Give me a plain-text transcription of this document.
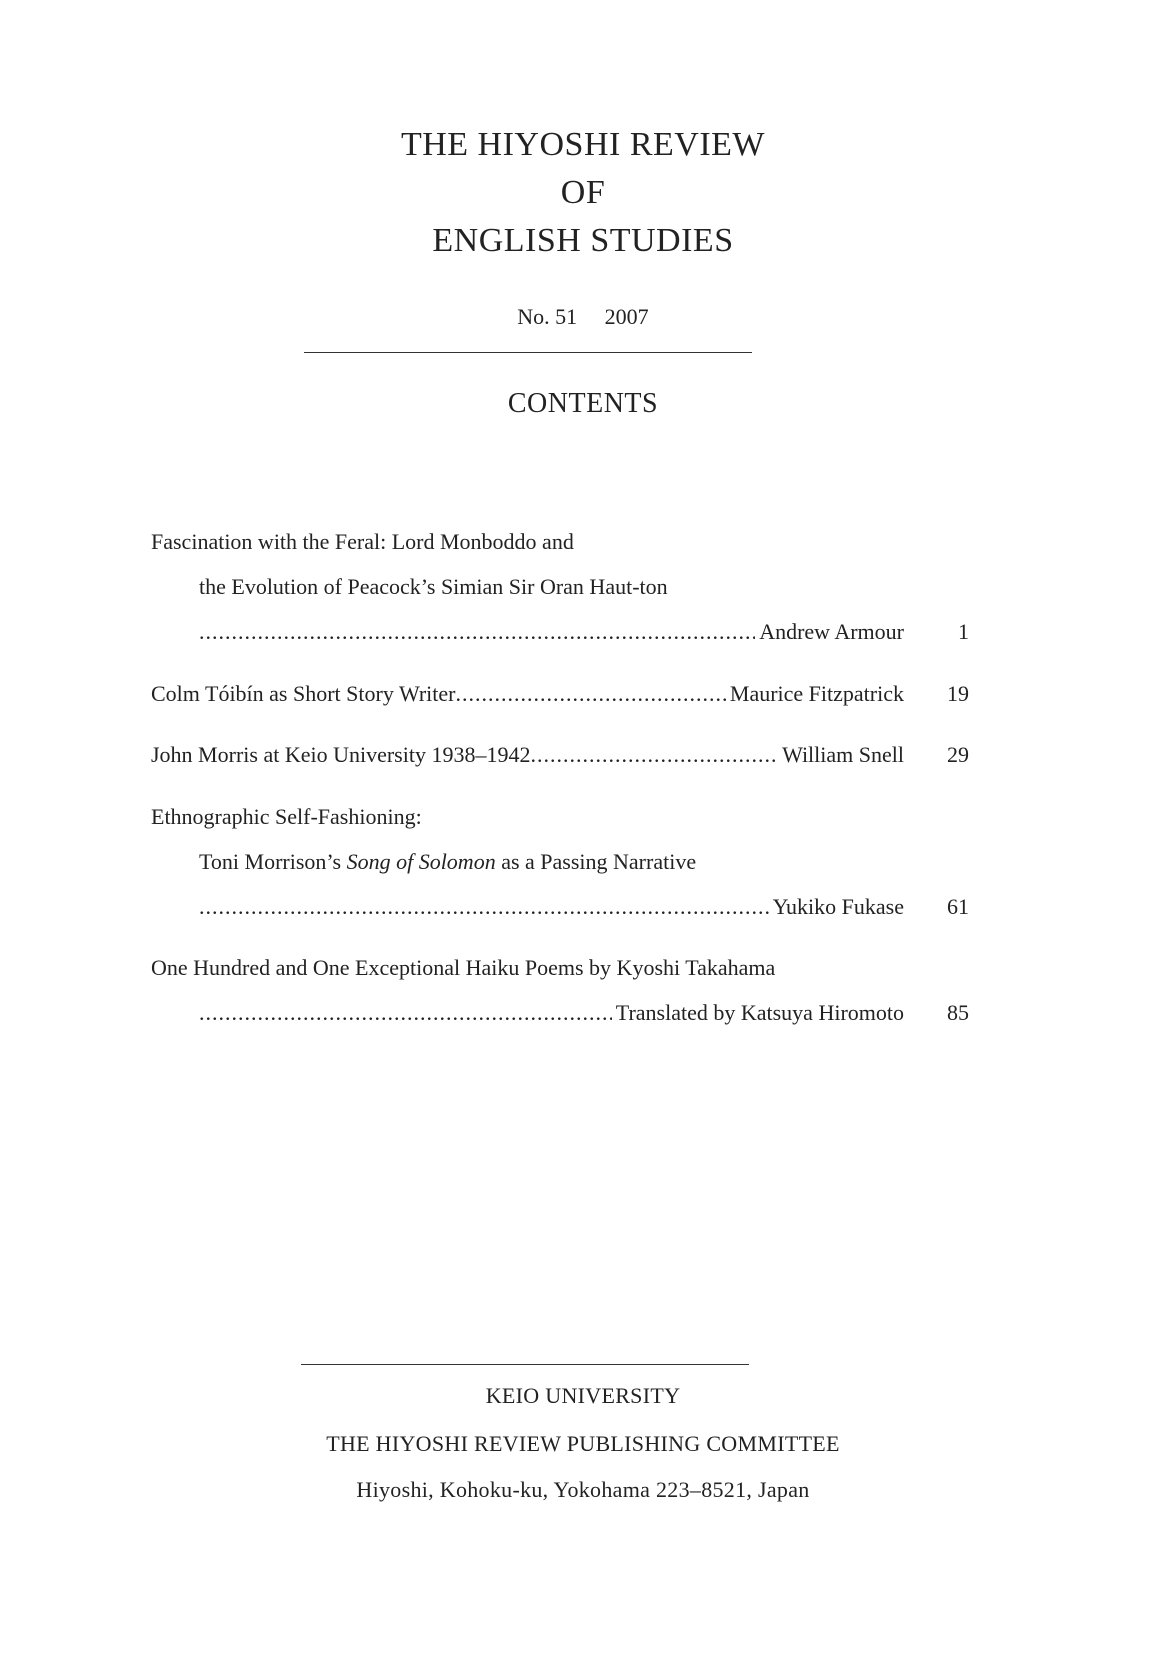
THE HIYOSHI REVIEW
OF
ENGLISH STUDIES
No. 51  2007
CONTENTS
Fascination with the Feral: Lord Monboddo and
the Evolution of Peacock’s Simian Sir Oran Haut-ton
.....
Andrew Armour	1
Colm Tóibín as Short Story Writer .....	Maurice Fitzpatrick	19
John Morris at Keio University 1938–1942 .....	William Snell	29
Ethnographic Self-Fashioning:
Toni Morrison’s Song of Solomon as a Passing Narrative
.....
Yukiko Fukase	61
One Hundred and One Exceptional Haiku Poems by Kyoshi Takahama
.....
Translated by Katsuya Hiromoto	85
KEIO UNIVERSITY
THE HIYOSHI REVIEW PUBLISHING COMMITTEE
Hiyoshi, Kohoku-ku, Yokohama 223–8521, Japan
